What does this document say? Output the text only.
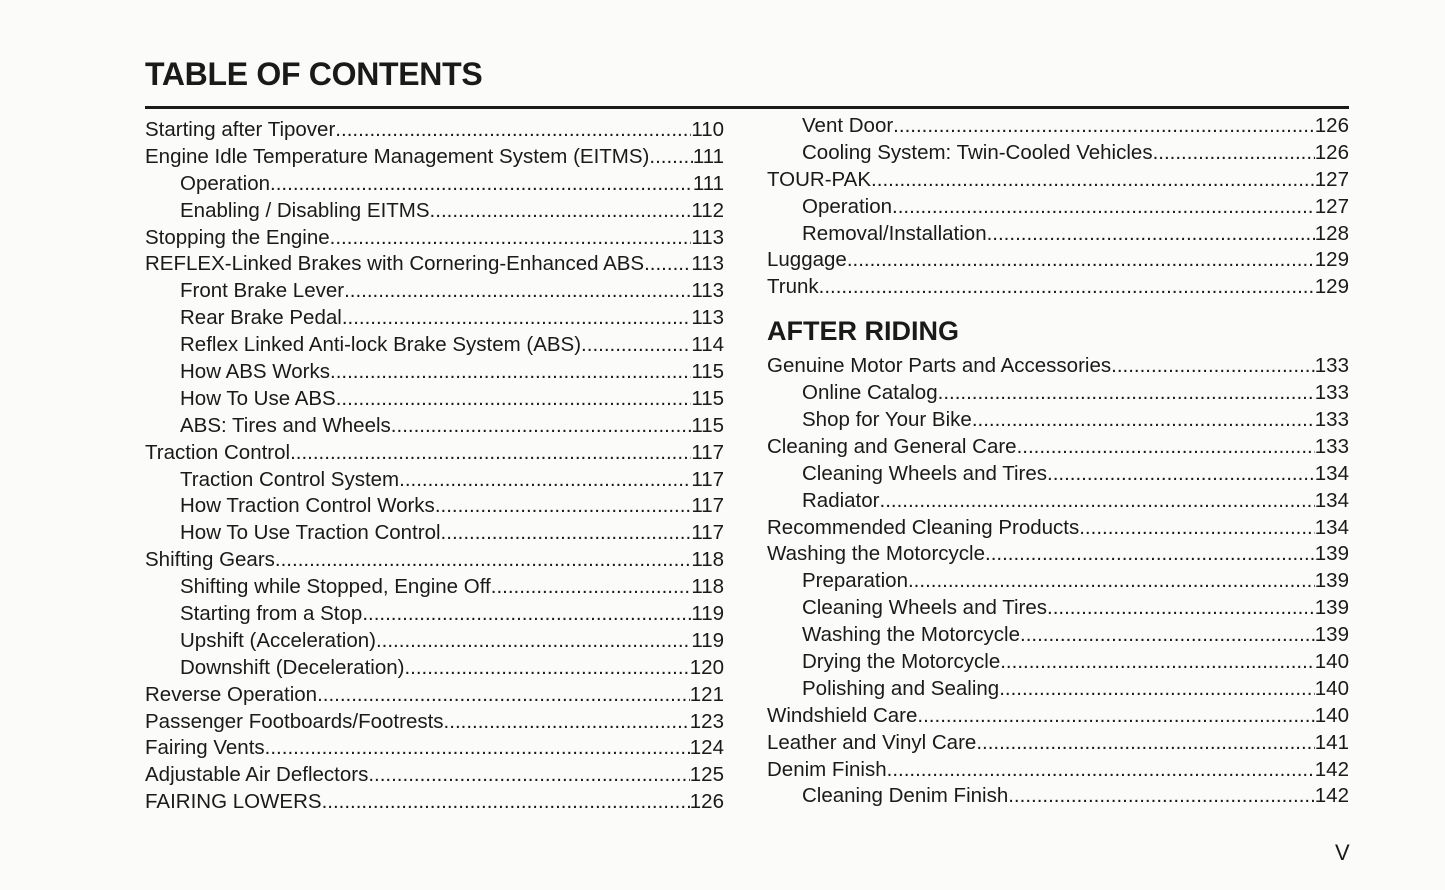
TABLE OF CONTENTS
Starting after Tipover .....	110
Engine Idle Temperature Management System (EITMS) ..... 111
Operation .....	111
Enabling / Disabling EITMS .....	112
Stopping the Engine .....	113
REFLEX-Linked Brakes with Cornering-Enhanced ABS ..... 113
Front Brake Lever .....	113
Rear Brake Pedal .....	113
Reflex Linked Anti-lock Brake System (ABS) .....	114
How ABS Works .....	115
How To Use ABS .....	115
ABS: Tires and Wheels .....	115
Traction Control .....	117
Traction Control System .....	117
How Traction Control Works .....	117
How To Use Traction Control .....	117
Shifting Gears .....	118
Shifting while Stopped, Engine Off .....	118
Starting from a Stop .....	119
Upshift (Acceleration) .....	119
Downshift (Deceleration) .....	120
Reverse Operation .....	121
Passenger Footboards/Footrests .....	123
Fairing Vents .....	124
Adjustable Air Deflectors .....	125
FAIRING LOWERS .....	126
Vent Door .....	126
Cooling System: Twin-Cooled Vehicles .....	126
TOUR-PAK .....	127
Operation .....	127
Removal/Installation .....	128
Luggage .....	129
Trunk .....	129
AFTER RIDING
Genuine Motor Parts and Accessories .....	133
Online Catalog .....	133
Shop for Your Bike .....	133
Cleaning and General Care .....	133
Cleaning Wheels and Tires .....	134
Radiator .....	134
Recommended Cleaning Products .....	134
Washing the Motorcycle .....	139
Preparation .....	139
Cleaning Wheels and Tires .....	139
Washing the Motorcycle .....	139
Drying the Motorcycle .....	140
Polishing and Sealing .....	140
Windshield Care .....	140
Leather and Vinyl Care .....	141
Denim Finish .....	142
Cleaning Denim Finish .....	142
V
